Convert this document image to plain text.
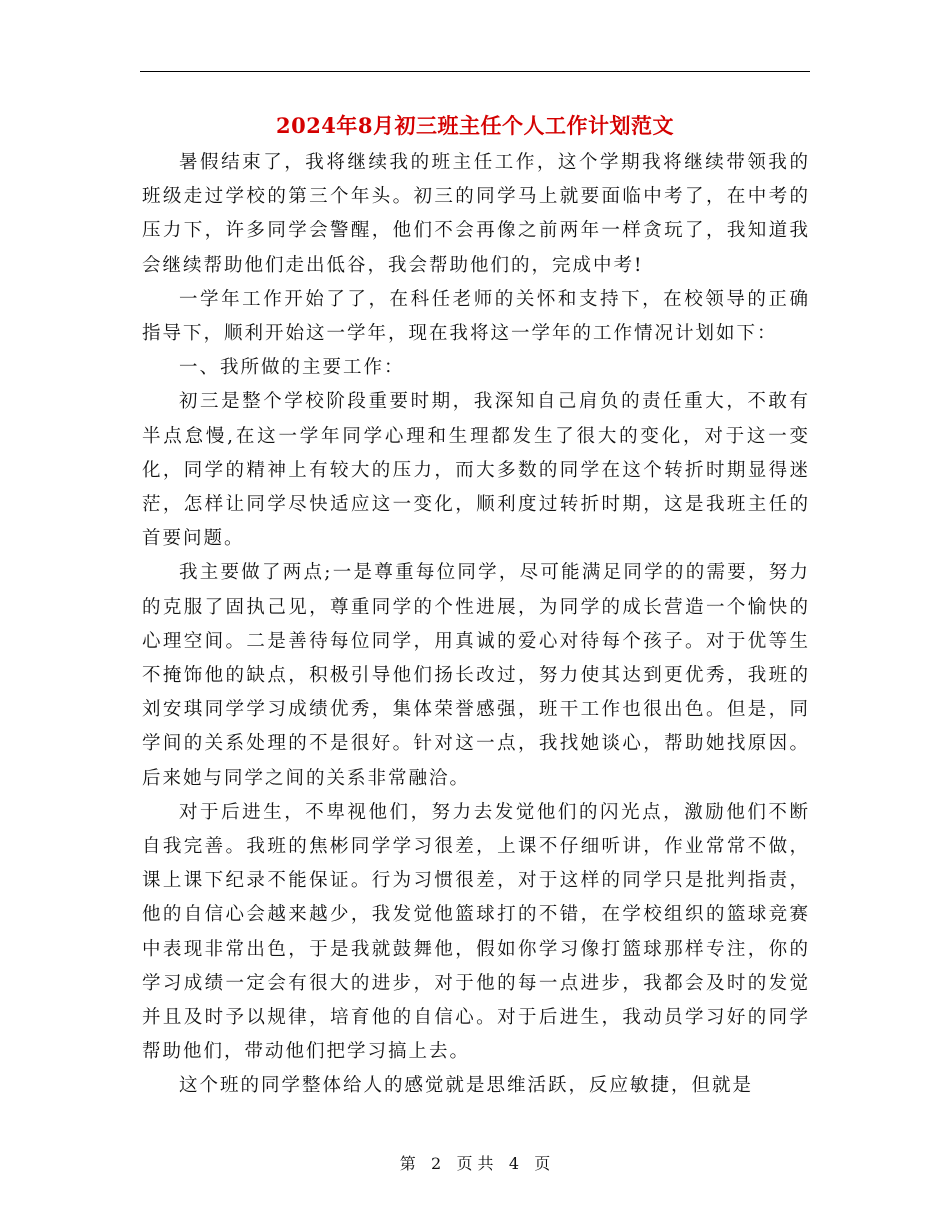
2024年8月初三班主任个人工作计划范文

暑假结束了，我将继续我的班主任工作，这个学期我将继续带领我的班级走过学校的第三个年头。初三的同学马上就要面临中考了，在中考的压力下，许多同学会警醒，他们不会再像之前两年一样贪玩了，我知道我会继续帮助他们走出低谷，我会帮助他们的，完成中考!

一学年工作开始了了，在科任老师的关怀和支持下，在校领导的正确指导下，顺利开始这一学年，现在我将这一学年的工作情况计划如下：

一、我所做的主要工作：

初三是整个学校阶段重要时期，我深知自己肩负的责任重大，不敢有半点怠慢,在这一学年同学心理和生理都发生了很大的变化，对于这一变化，同学的精神上有较大的压力，而大多数的同学在这个转折时期显得迷茫，怎样让同学尽快适应这一变化，顺利度过转折时期，这是我班主任的首要问题。

我主要做了两点;一是尊重每位同学，尽可能满足同学的的需要，努力的克服了固执己见，尊重同学的个性进展，为同学的成长营造一个愉快的心理空间。二是善待每位同学，用真诚的爱心对待每个孩子。对于优等生不掩饰他的缺点，积极引导他们扬长改过，努力使其达到更优秀，我班的刘安琪同学学习成绩优秀，集体荣誉感强，班干工作也很出色。但是，同学间的关系处理的不是很好。针对这一点，我找她谈心，帮助她找原因。后来她与同学之间的关系非常融洽。

对于后进生，不卑视他们，努力去发觉他们的闪光点，激励他们不断自我完善。我班的焦彬同学学习很差，上课不仔细听讲，作业常常不做，课上课下纪录不能保证。行为习惯很差，对于这样的同学只是批判指责，他的自信心会越来越少，我发觉他篮球打的不错，在学校组织的篮球竞赛中表现非常出色，于是我就鼓舞他，假如你学习像打篮球那样专注，你的学习成绩一定会有很大的进步，对于他的每一点进步，我都会及时的发觉并且及时予以规律，培育他的自信心。对于后进生，我动员学习好的同学帮助他们，带动他们把学习搞上去。

这个班的同学整体给人的感觉就是思维活跃，反应敏捷，但就是

第 2 页 共 4 页
